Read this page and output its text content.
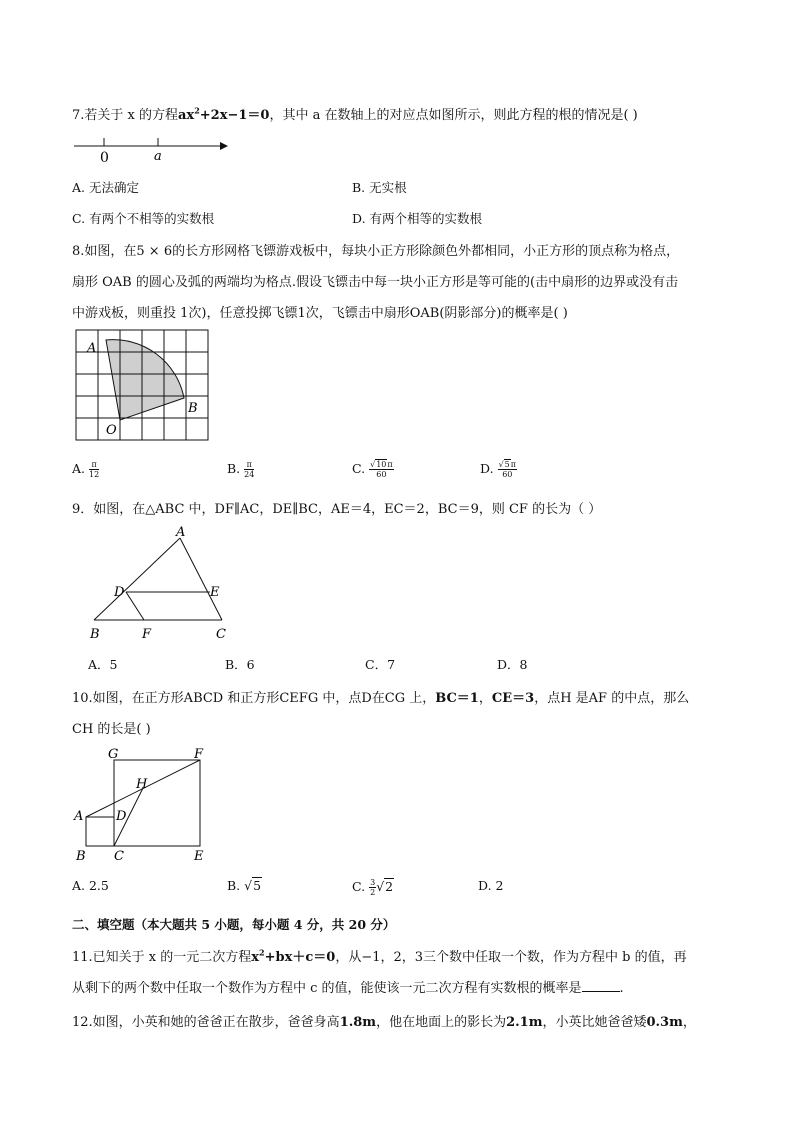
7.若关于 x 的方程$ax^2+2x-1=0$，其中 a 在数轴上的对应点如图所示，则此方程的根的情况是( )
0	a
A. 无法确定	B. 无实根
C. 有两个不相等的实数根	D. 有两个相等的实数根
8.如图，在5 × 6的长方形网格飞镖游戏板中，每块小正方形除颜色外都相同，小正方形的顶点称为格点，
扇形 OAB 的圆心及弧的两端均为格点.假设飞镖击中每一块小正方形是等可能的(击中扇形的边界或没有击
中游戏板，则重投 1次)，任意投掷飞镖1次，飞镖击中扇形OAB(阴影部分)的概率是( )
A
B
O
A. $\frac{\pi}{12}$	B. $\frac{\pi}{24}$	C. $\frac{√10\pi}{60}$	D. $\frac{√5\pi}{60}$
9．如图，在△ABC 中，DF∥AC，DE∥BC，AE＝4，EC＝2，BC＝9，则 CF 的长为（ ）
A
B	C
D	E
F
A．5	B．6	C．7	D．8
10.如图，在正方形ABCD 和正方形CEFG 中，点D在CG 上，BC＝1，CE＝3，点H 是AF 的中点，那么
CH 的长是( )
G	F
H
A	D
B C	E
A. 2.5	B. √5	C. $\frac{3}{2} √2$	D. 2
二、填空题（本大题共 5 小题，每小题 4 分，共 20 分）
11.已知关于 x 的一元二次方程$x^2+bx+c=0$，从−1，2，3三个数中任取一个数，作为方程中 b 的值，再
从剩下的两个数中任取一个数作为方程中 c 的值，能使该一元二次方程有实数根的概率是	.
12.如图，小英和她的爸爸正在散步，爸爸身高1.8m，他在地面上的影长为2.1m，小英比她爸爸矮0.3m，
